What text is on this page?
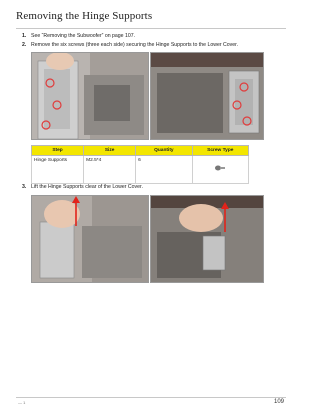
Removing the Hinge Supports
1. See “Removing the Subwoofer” on page 107.
2. Remove the six screws (three each side) securing the Hinge Supports to the Lower Cover.
Step	Size	Quantity	Screw Type
Hinge Supports	M2.5*4	6	
3. Lift the Hinge Supports clear of the Lower Cover.
— 1	109
